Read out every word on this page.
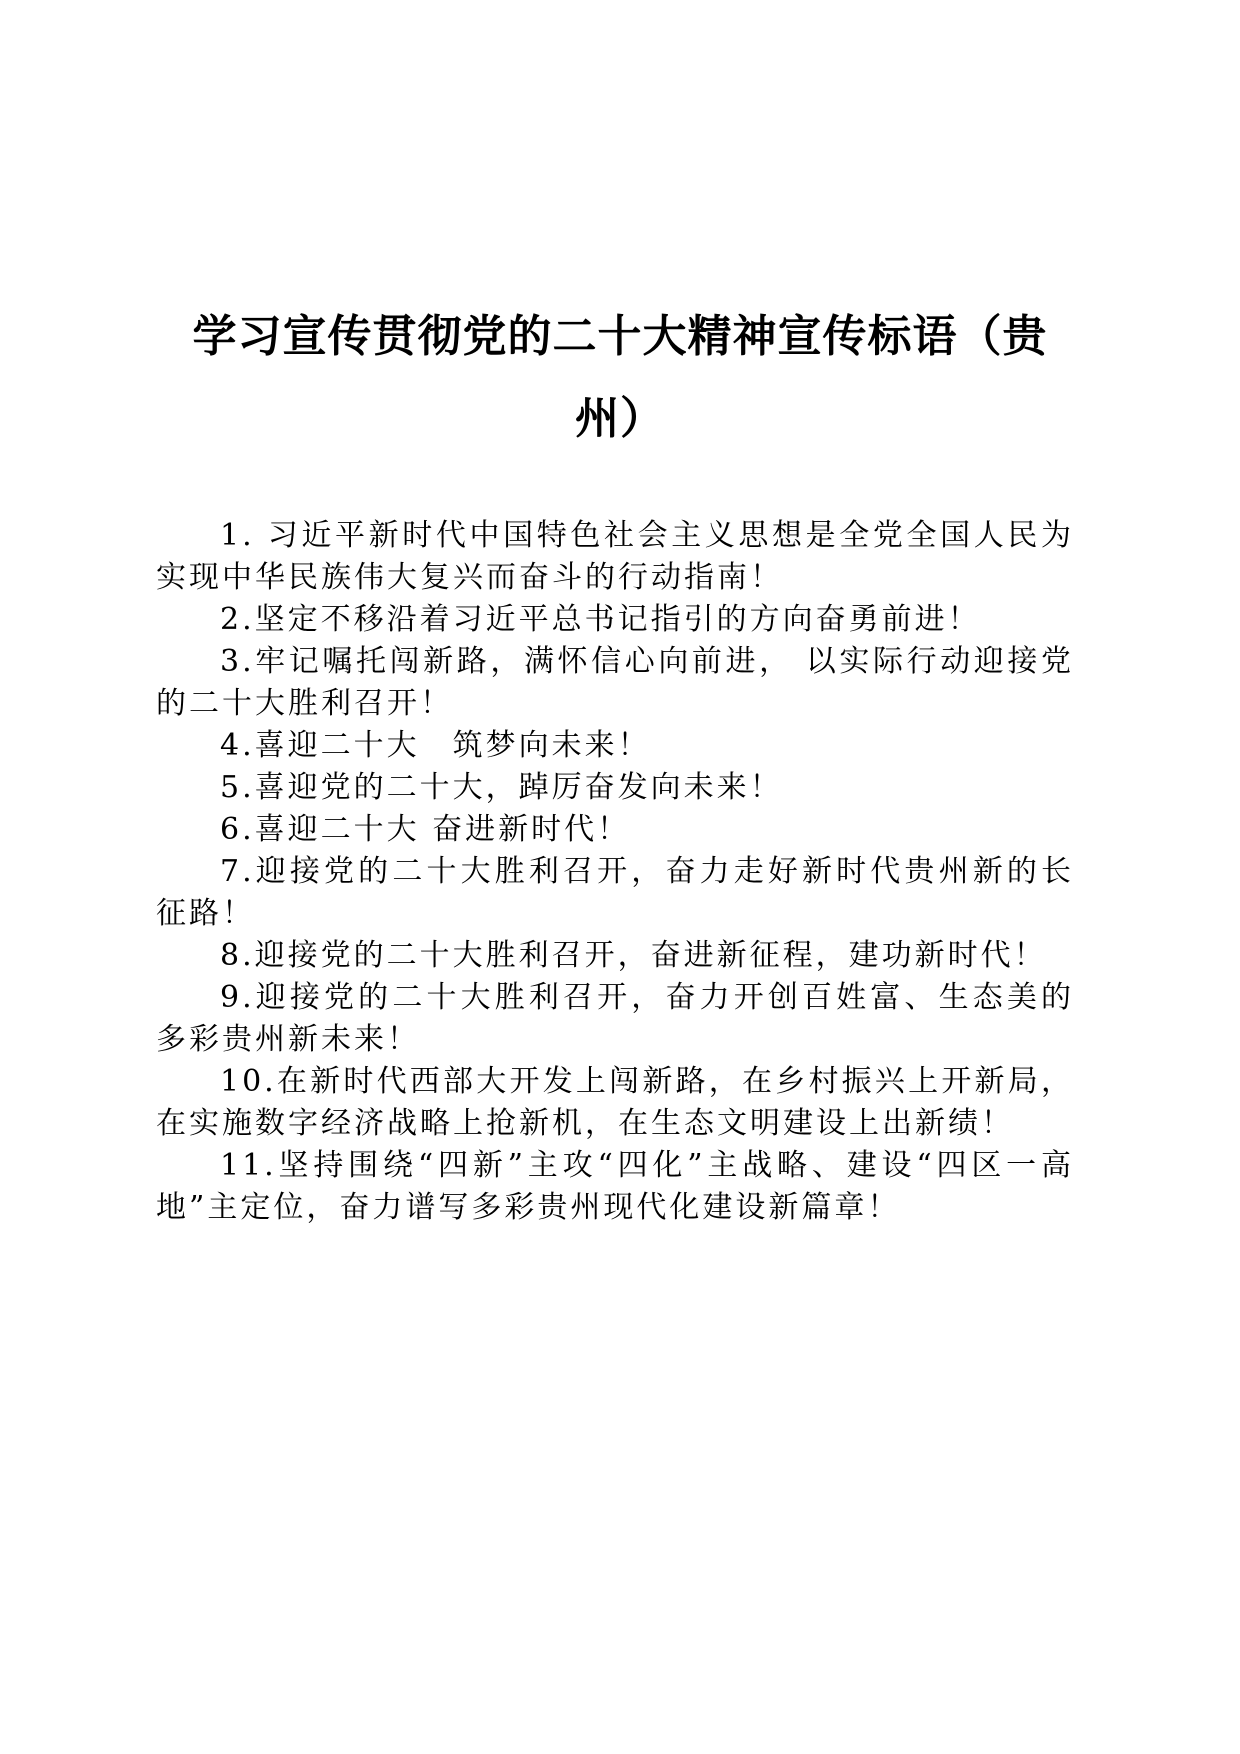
学习宣传贯彻党的二十大精神宣传标语（贵州）

1. 习近平新时代中国特色社会主义思想是全党全国人民为实现中华民族伟大复兴而奋斗的行动指南！

2.坚定不移沿着习近平总书记指引的方向奋勇前进！

3.牢记嘱托闯新路，满怀信心向前进， 以实际行动迎接党的二十大胜利召开！

4.喜迎二十大　筑梦向未来！

5.喜迎党的二十大，踔厉奋发向未来！

6.喜迎二十大 奋进新时代！

7.迎接党的二十大胜利召开，奋力走好新时代贵州新的长征路！

8.迎接党的二十大胜利召开，奋进新征程，建功新时代！

9.迎接党的二十大胜利召开，奋力开创百姓富、生态美的多彩贵州新未来！

10.在新时代西部大开发上闯新路，在乡村振兴上开新局，在实施数字经济战略上抢新机，在生态文明建设上出新绩！

11.坚持围绕“四新”主攻“四化”主战略、建设“四区一高地”主定位，奋力谱写多彩贵州现代化建设新篇章！
